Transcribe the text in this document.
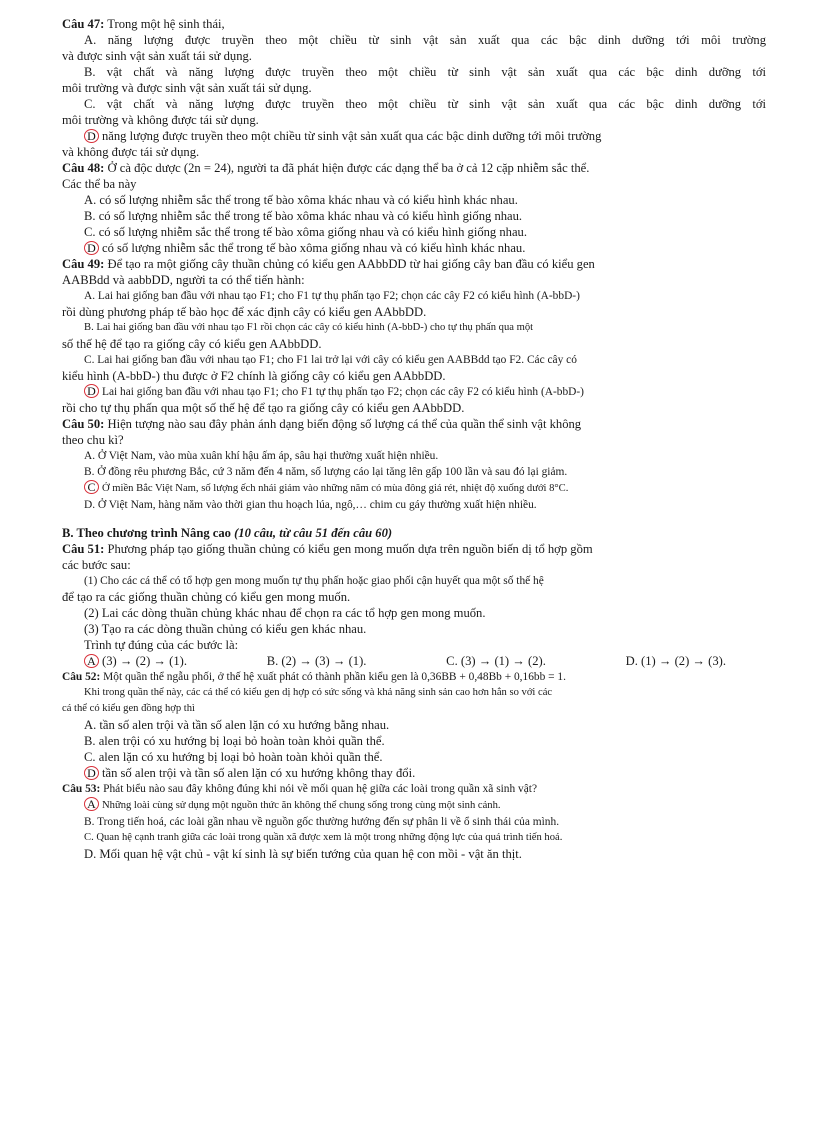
Câu 47: Trong một hệ sinh thái,
A. năng lượng được truyền theo một chiều từ sinh vật sản xuất qua các bậc dinh dưỡng tới môi trường
và được sinh vật sản xuất tái sử dụng.
B. vật chất và năng lượng được truyền theo một chiều từ sinh vật sản xuất qua các bậc dinh dưỡng tới
môi trường và được sinh vật sản xuất tái sử dụng.
C. vật chất và năng lượng được truyền theo một chiều từ sinh vật sản xuất qua các bậc dinh dưỡng tới
môi trường và không được tái sử dụng.
D năng lượng được truyền theo một chiều từ sinh vật sản xuất qua các bậc dinh dưỡng tới môi trường
và không được tái sử dụng.
Câu 48: Ở cà độc dược (2n = 24), người ta đã phát hiện được các dạng thể ba ở cả 12 cặp nhiễm sắc thể.
Các thể ba này
A. có số lượng nhiễm sắc thể trong tế bào xôma khác nhau và có kiểu hình khác nhau.
B. có số lượng nhiễm sắc thể trong tế bào xôma khác nhau và có kiểu hình giống nhau.
C. có số lượng nhiễm sắc thể trong tế bào xôma giống nhau và có kiểu hình giống nhau.
D có số lượng nhiễm sắc thể trong tế bào xôma giống nhau và có kiểu hình khác nhau.
Câu 49: Để tạo ra một giống cây thuần chủng có kiểu gen AAbbDD từ hai giống cây ban đầu có kiểu gen
AABBdd và aabbDD, người ta có thể tiến hành:
A. Lai hai giống ban đầu với nhau tạo F1; cho F1 tự thụ phấn tạo F2; chọn các cây F2 có kiểu hình (A-bbD-)
rồi dùng phương pháp tế bào học để xác định cây có kiểu gen AAbbDD.
B. Lai hai giống ban đầu với nhau tạo F1 rồi chọn các cây có kiểu hình (A-bbD-) cho tự thụ phấn qua một
số thế hệ để tạo ra giống cây có kiểu gen AAbbDD.
C. Lai hai giống ban đầu với nhau tạo F1; cho F1 lai trở lại với cây có kiểu gen AABBdd tạo F2. Các cây có
kiểu hình (A-bbD-) thu được ở F2 chính là giống cây có kiểu gen AAbbDD.
D Lai hai giống ban đầu với nhau tạo F1; cho F1 tự thụ phấn tạo F2; chọn các cây F2 có kiểu hình (A-bbD-)
rồi cho tự thụ phấn qua một số thế hệ để tạo ra giống cây có kiểu gen AAbbDD.
Câu 50: Hiện tượng nào sau đây phản ánh dạng biến động số lượng cá thể của quần thể sinh vật không
theo chu kì?
A. Ở Việt Nam, vào mùa xuân khí hậu ấm áp, sâu hại thường xuất hiện nhiều.
B. Ở đồng rêu phương Bắc, cứ 3 năm đến 4 năm, số lượng cáo lại tăng lên gấp 100 lần và sau đó lại giảm.
C Ở miền Bắc Việt Nam, số lượng ếch nhái giảm vào những năm có mùa đông giá rét, nhiệt độ xuống dưới 8°C.
D. Ở Việt Nam, hàng năm vào thời gian thu hoạch lúa, ngô,… chim cu gáy thường xuất hiện nhiều.
B. Theo chương trình Nâng cao (10 câu, từ câu 51 đến câu 60)
Câu 51: Phương pháp tạo giống thuần chủng có kiểu gen mong muốn dựa trên nguồn biến dị tổ hợp gồm
các bước sau:
(1) Cho các cá thể có tổ hợp gen mong muốn tự thụ phấn hoặc giao phối cận huyết qua một số thế hệ
để tạo ra các giống thuần chủng có kiểu gen mong muốn.
(2) Lai các dòng thuần chủng khác nhau để chọn ra các tổ hợp gen mong muốn.
(3) Tạo ra các dòng thuần chủng có kiểu gen khác nhau.
Trình tự đúng của các bước là:
A (3) → (2) → (1).	B. (2) → (3) → (1).	C. (3) → (1) → (2).	D. (1) → (2) → (3).
Câu 52: Một quần thể ngẫu phối, ở thế hệ xuất phát có thành phần kiểu gen là 0,36BB + 0,48Bb + 0,16bb = 1.
Khi trong quần thể này, các cá thể có kiểu gen dị hợp có sức sống và khả năng sinh sản cao hơn hẳn so với các
cá thể có kiểu gen đồng hợp thì
A. tần số alen trội và tần số alen lặn có xu hướng bằng nhau.
B. alen trội có xu hướng bị loại bỏ hoàn toàn khỏi quần thể.
C. alen lặn có xu hướng bị loại bỏ hoàn toàn khỏi quần thể.
D tần số alen trội và tần số alen lặn có xu hướng không thay đổi.
Câu 53: Phát biểu nào sau đây không đúng khi nói về mối quan hệ giữa các loài trong quần xã sinh vật?
A Những loài cùng sử dụng một nguồn thức ăn không thể chung sống trong cùng một sinh cảnh.
B. Trong tiến hoá, các loài gần nhau về nguồn gốc thường hướng đến sự phân li về ổ sinh thái của mình.
C. Quan hệ cạnh tranh giữa các loài trong quần xã được xem là một trong những động lực của quá trình tiến hoá.
D. Mối quan hệ vật chủ - vật kí sinh là sự biến tướng của quan hệ con mồi - vật ăn thịt.
